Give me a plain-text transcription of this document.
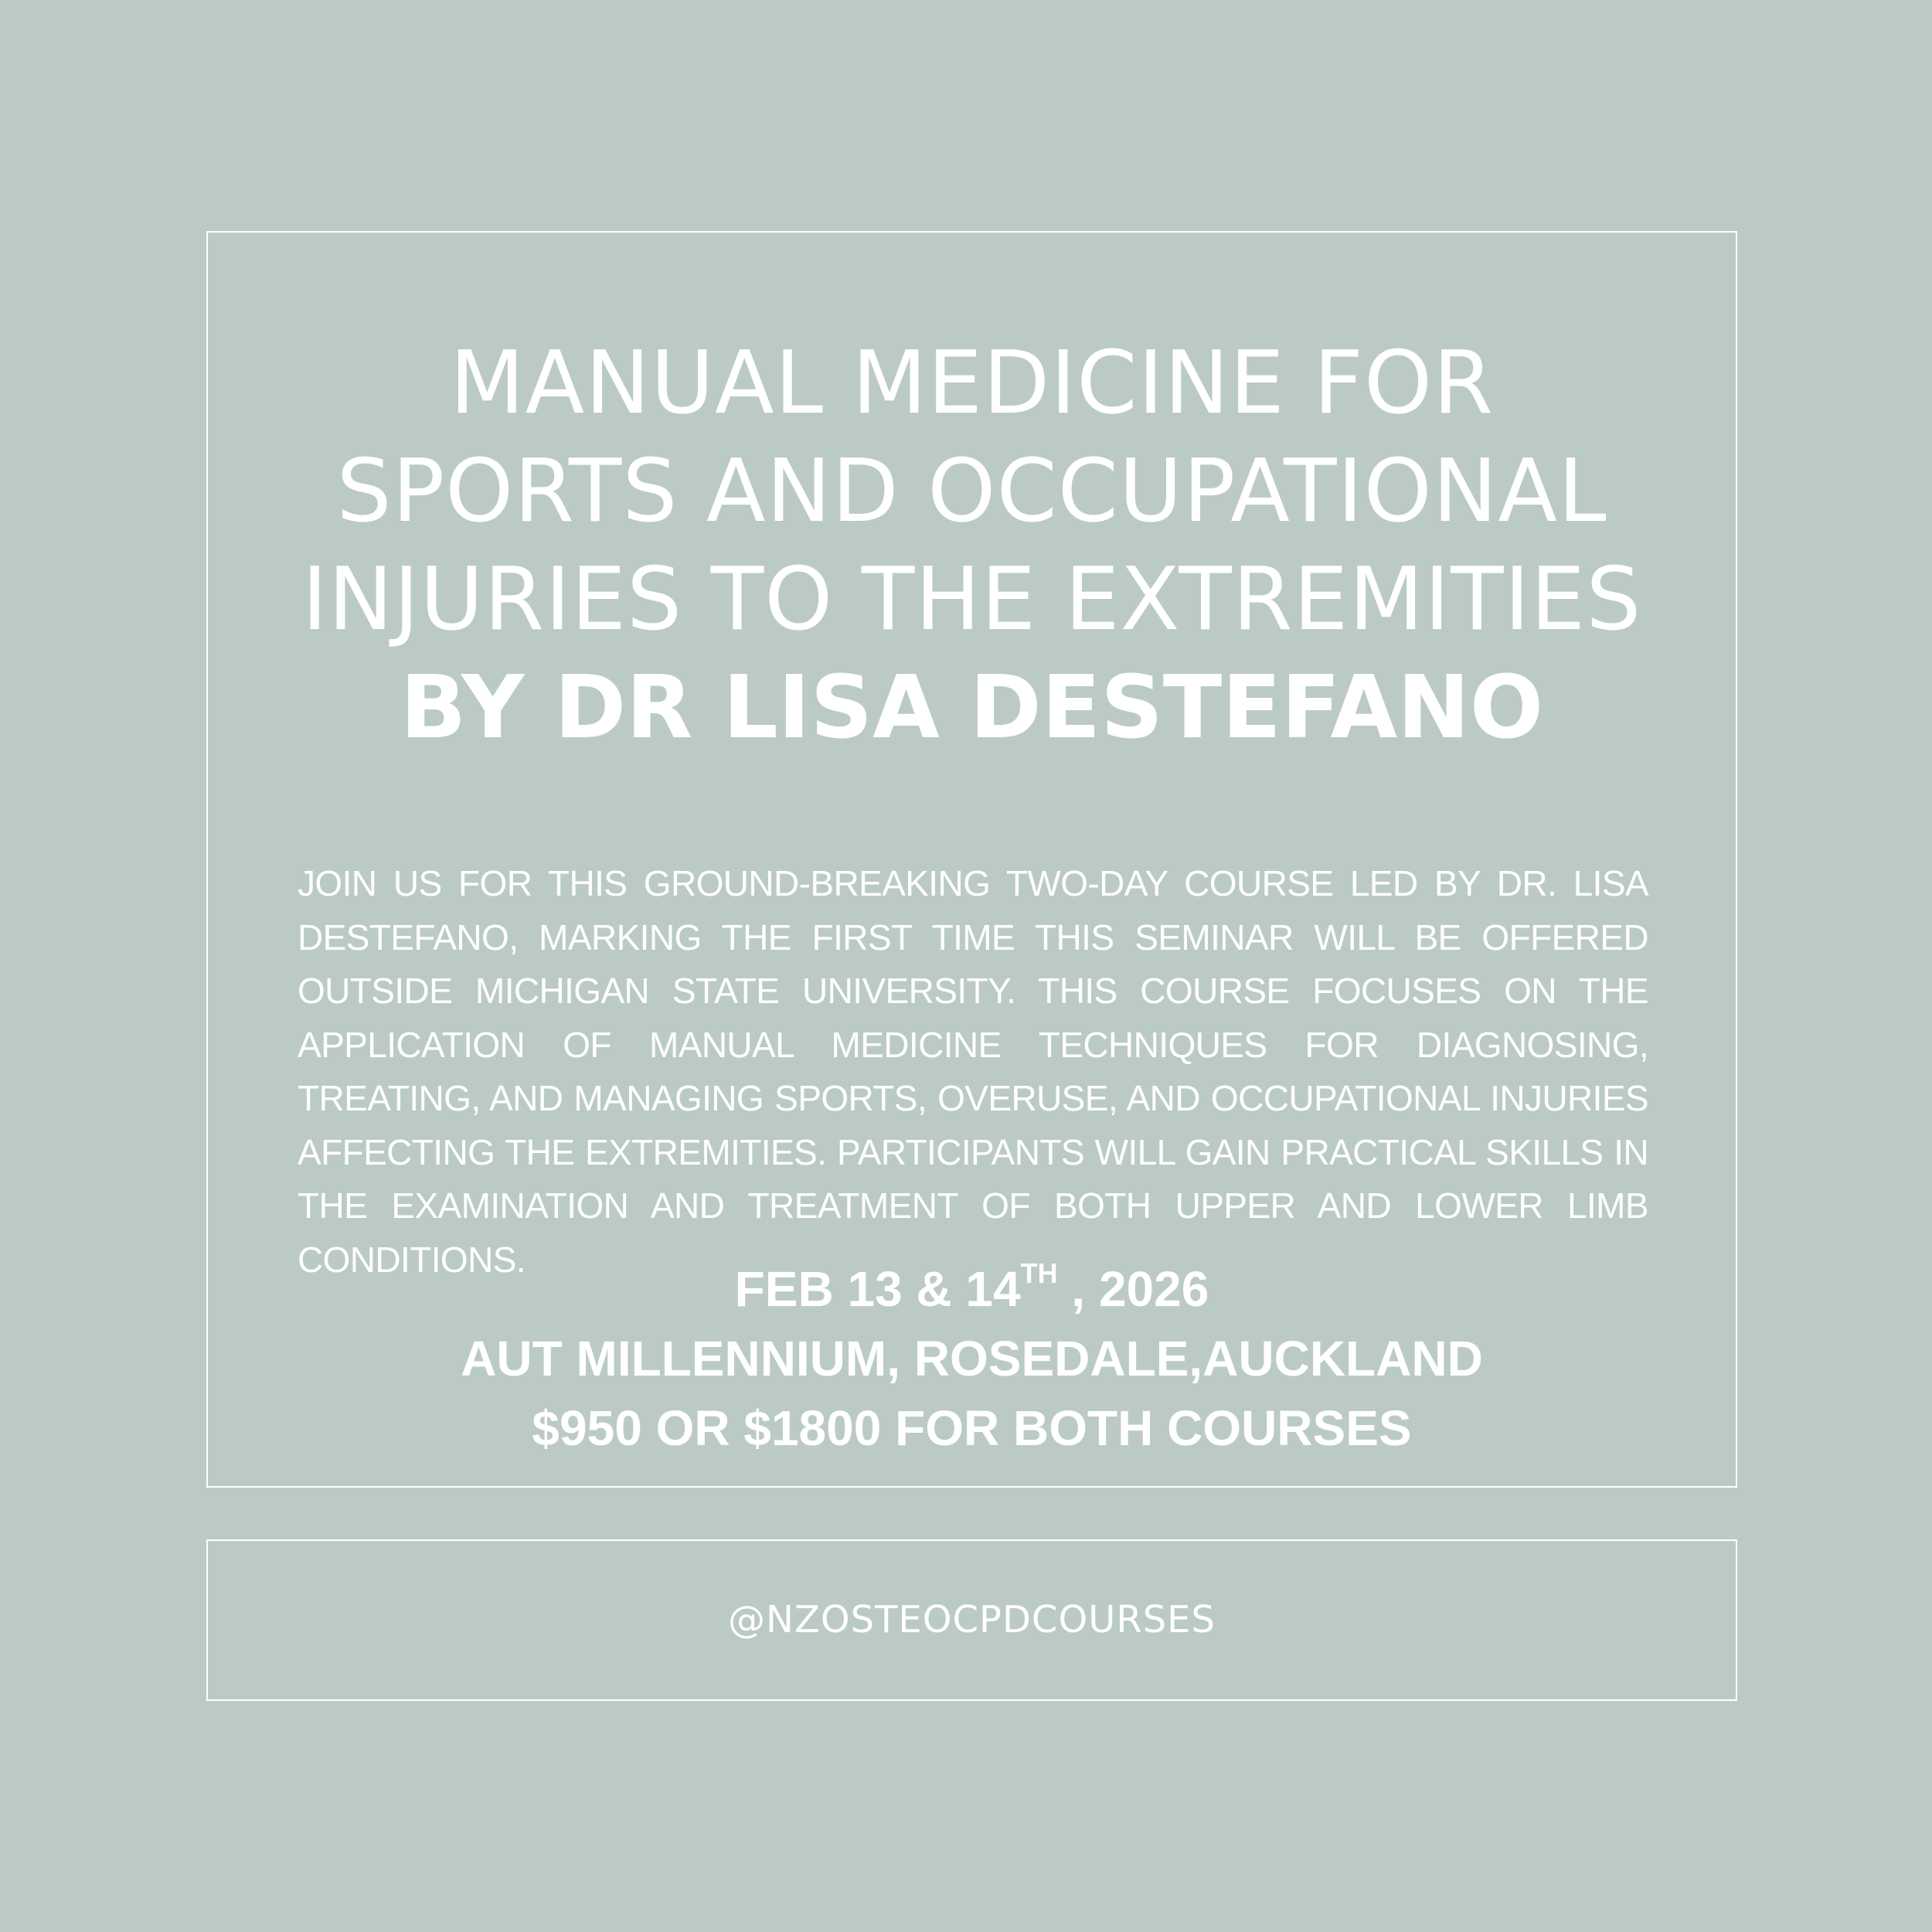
MANUAL MEDICINE FOR
SPORTS AND OCCUPATIONAL
INJURIES TO THE EXTREMITIES
BY DR LISA DESTEFANO

JOIN US FOR THIS GROUND-BREAKING TWO-DAY COURSE LED BY DR. LISA DESTEFANO, MARKING THE FIRST TIME THIS SEMINAR WILL BE OFFERED OUTSIDE MICHIGAN STATE UNIVERSITY. THIS COURSE FOCUSES ON THE APPLICATION OF MANUAL MEDICINE TECHNIQUES FOR DIAGNOSING, TREATING, AND MANAGING SPORTS, OVERUSE, AND OCCUPATIONAL INJURIES AFFECTING THE EXTREMITIES. PARTICIPANTS WILL GAIN PRACTICAL SKILLS IN THE EXAMINATION AND TREATMENT OF BOTH UPPER AND LOWER LIMB CONDITIONS.

FEB 13 & 14TH , 2026
AUT MILLENNIUM, ROSEDALE,AUCKLAND
$950 OR $1800 FOR BOTH COURSES
@NZOSTEOCPDCOURSES
